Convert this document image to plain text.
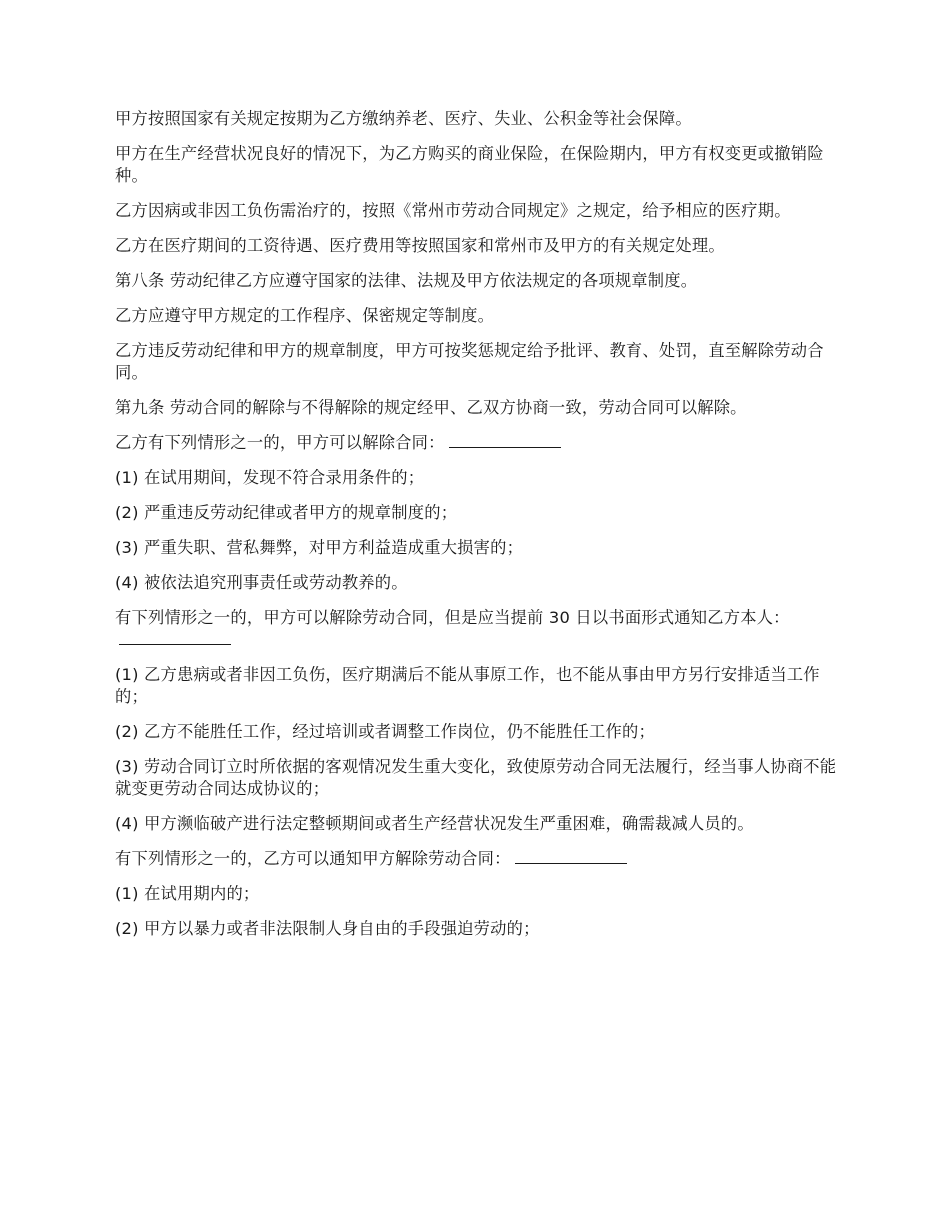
甲方按照国家有关规定按期为乙方缴纳养老、医疗、失业、公积金等社会保障。

甲方在生产经营状况良好的情况下，为乙方购买的商业保险，在保险期内，甲方有权变更或撤销险种。

乙方因病或非因工负伤需治疗的，按照《常州市劳动合同规定》之规定，给予相应的医疗期。

乙方在医疗期间的工资待遇、医疗费用等按照国家和常州市及甲方的有关规定处理。

第八条 劳动纪律乙方应遵守国家的法律、法规及甲方依法规定的各项规章制度。

乙方应遵守甲方规定的工作程序、保密规定等制度。

乙方违反劳动纪律和甲方的规章制度，甲方可按奖惩规定给予批评、教育、处罚，直至解除劳动合同。

第九条 劳动合同的解除与不得解除的规定经甲、乙双方协商一致，劳动合同可以解除。

乙方有下列情形之一的，甲方可以解除合同：

(1) 在试用期间，发现不符合录用条件的；

(2) 严重违反劳动纪律或者甲方的规章制度的；

(3) 严重失职、营私舞弊，对甲方利益造成重大损害的；

(4) 被依法追究刑事责任或劳动教养的。

有下列情形之一的，甲方可以解除劳动合同，但是应当提前 30 日以书面形式通知乙方本人：

(1) 乙方患病或者非因工负伤，医疗期满后不能从事原工作，也不能从事由甲方另行安排适当工作的；

(2) 乙方不能胜任工作，经过培训或者调整工作岗位，仍不能胜任工作的；

(3) 劳动合同订立时所依据的客观情况发生重大变化，致使原劳动合同无法履行，经当事人协商不能就变更劳动合同达成协议的；

(4) 甲方濒临破产进行法定整顿期间或者生产经营状况发生严重困难，确需裁减人员的。

有下列情形之一的，乙方可以通知甲方解除劳动合同：

(1) 在试用期内的；

(2) 甲方以暴力或者非法限制人身自由的手段强迫劳动的；
